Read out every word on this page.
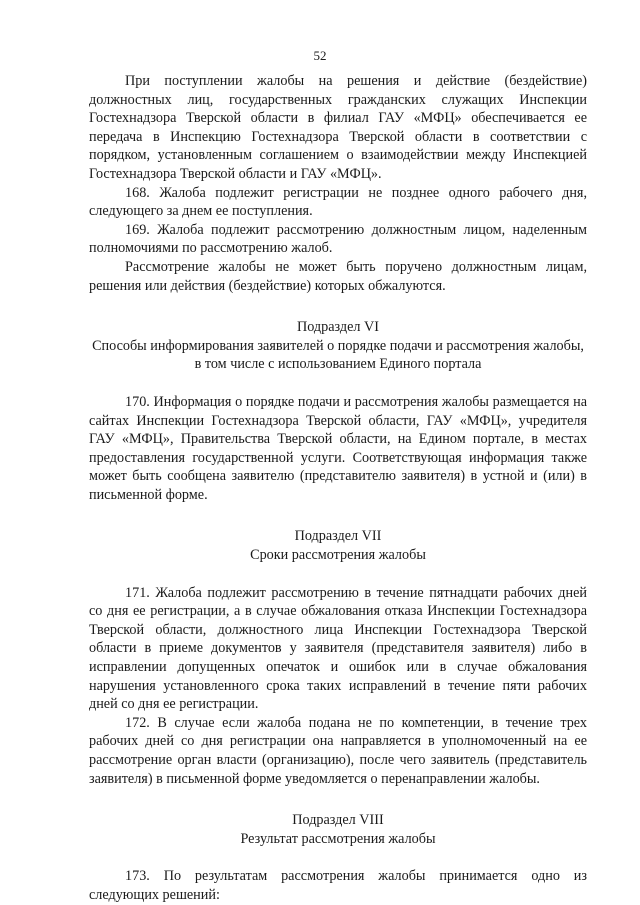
52

При поступлении жалобы на решения и действие (бездействие) должностных лиц, государственных гражданских служащих Инспекции Гостехнадзора Тверской области в филиал ГАУ «МФЦ» обеспечивается ее передача в Инспекцию Гостехнадзора Тверской области в соответствии с порядком, установленным соглашением о взаимодействии между Инспекцией Гостехнадзора Тверской области и ГАУ «МФЦ».

168. Жалоба подлежит регистрации не позднее одного рабочего дня, следующего за днем ее поступления.

169. Жалоба подлежит рассмотрению должностным лицом, наделенным полномочиями по рассмотрению жалоб.

Рассмотрение жалобы не может быть поручено должностным лицам, решения или действия (бездействие) которых обжалуются.

Подраздел VI

Способы информирования заявителей о порядке подачи и рассмотрения жалобы, в том числе с использованием Единого портала

170. Информация о порядке подачи и рассмотрения жалобы размещается на сайтах Инспекции Гостехнадзора Тверской области, ГАУ «МФЦ», учредителя ГАУ «МФЦ», Правительства Тверской области, на Едином портале, в местах предоставления государственной услуги. Соответствующая информация также может быть сообщена заявителю (представителю заявителя) в устной и (или) в письменной форме.

Подраздел VII

Сроки рассмотрения жалобы

171. Жалоба подлежит рассмотрению в течение пятнадцати рабочих дней со дня ее регистрации, а в случае обжалования отказа Инспекции Гостехнадзора Тверской области, должностного лица Инспекции Гостехнадзора Тверской области в приеме документов у заявителя (представителя заявителя) либо в исправлении допущенных опечаток и ошибок или в случае обжалования нарушения установленного срока таких исправлений в течение пяти рабочих дней со дня ее регистрации.

172. В случае если жалоба подана не по компетенции, в течение трех рабочих дней со дня регистрации она направляется в уполномоченный на ее рассмотрение орган власти (организацию), после чего заявитель (представитель заявителя) в письменной форме уведомляется о перенаправлении жалобы.

Подраздел VIII

Результат рассмотрения жалобы

173. По результатам рассмотрения жалобы принимается одно из следующих решений:
